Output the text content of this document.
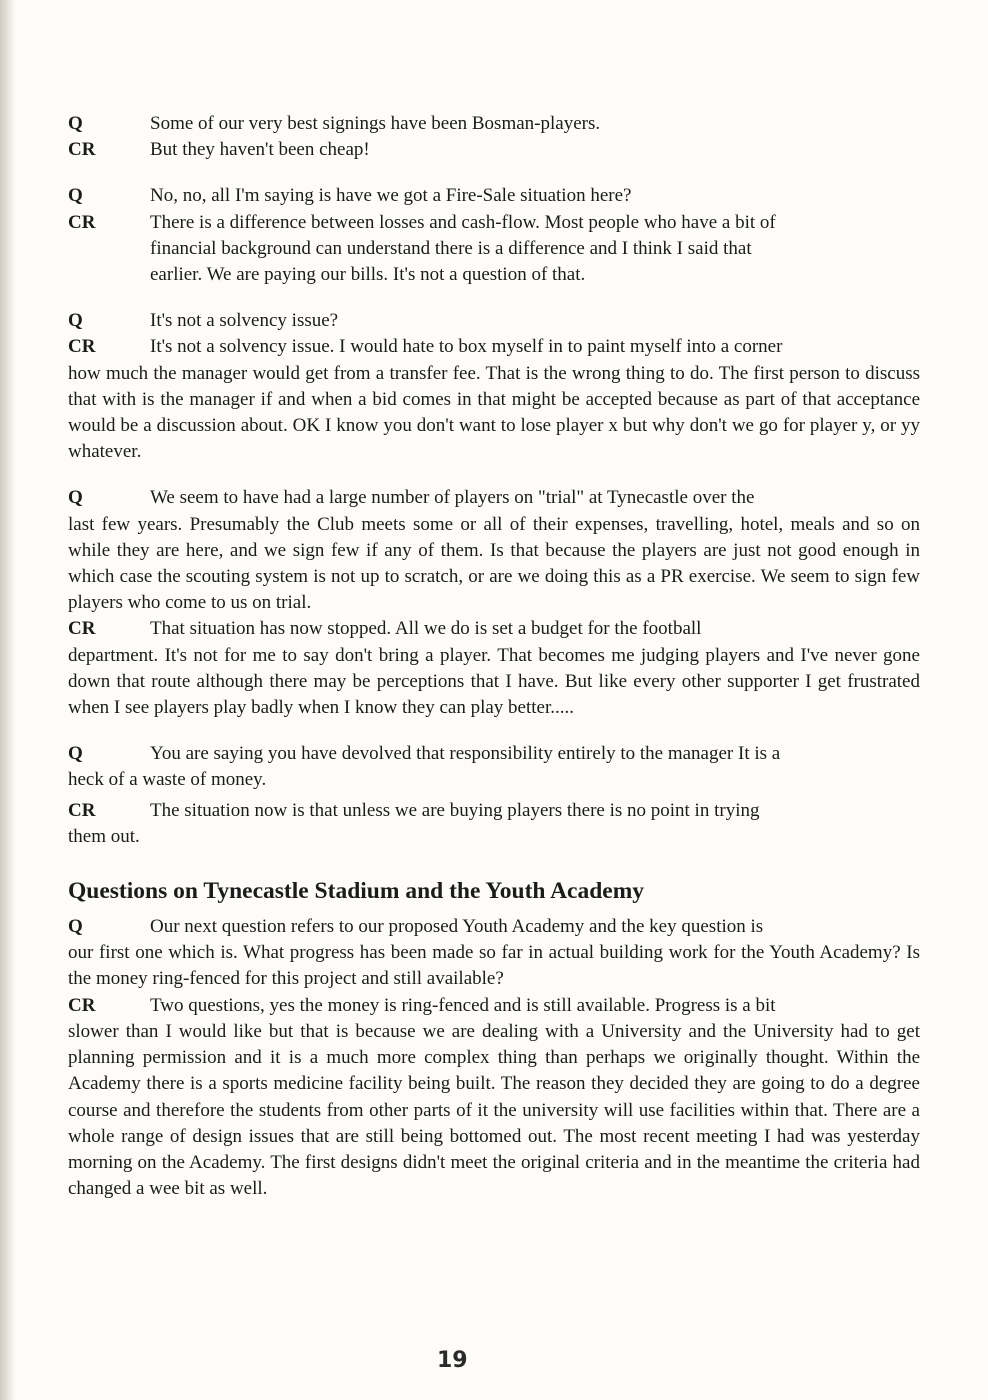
Q	Some of our very best signings have been Bosman-players.

CR	But they haven't been cheap!

Q	No, no, all I'm saying is have we got a Fire-Sale situation here?

CR	There is a difference between losses and cash-flow. Most people who have a bit of
financial background can understand there is a difference and I think I said that
earlier. We are paying our bills. It's not a question of that.

Q	It's not a solvency issue?

CR	It's not a solvency issue. I would hate to box myself in to paint myself into a corner
how much the manager would get from a transfer fee. That is the wrong thing to do. The first person to discuss that with is the manager if and when a bid comes in that might be accepted because as part of that acceptance would be a discussion about. OK I know you don't want to lose player x but why don't we go for player y, or yy whatever.

Q	We seem to have had a large number of players on "trial" at Tynecastle over the
last few years. Presumably the Club meets some or all of their expenses, travelling, hotel, meals and so on while they are here, and we sign few if any of them. Is that because the players are just not good enough in which case the scouting system is not up to scratch, or are we doing this as a PR exercise. We seem to sign few players who come to us on trial.

CR	That situation has now stopped. All we do is set a budget for the football
department. It's not for me to say don't bring a player. That becomes me judging players and I've never gone down that route although there may be perceptions that I have. But like every other supporter I get frustrated when I see players play badly when I know they can play better.....

Q	You are saying you have devolved that responsibility entirely to the manager It is a
heck of a waste of money.

CR	The situation now is that unless we are buying players there is no point in trying
them out.

Questions on Tynecastle Stadium and the Youth Academy

Q	Our next question refers to our proposed Youth Academy and the key question is
our first one which is. What progress has been made so far in actual building work for the Youth Academy? Is the money ring-fenced for this project and still available?

CR	Two questions, yes the money is ring-fenced and is still available. Progress is a bit
slower than I would like but that is because we are dealing with a University and the University had to get planning permission and it is a much more complex thing than perhaps we originally thought. Within the Academy there is a sports medicine facility being built. The reason they decided they are going to do a degree course and therefore the students from other parts of it the university will use facilities within that. There are a whole range of design issues that are still being bottomed out. The most recent meeting I had was yesterday morning on the Academy. The first designs didn't meet the original criteria and in the meantime the criteria had changed a wee bit as well.

19
